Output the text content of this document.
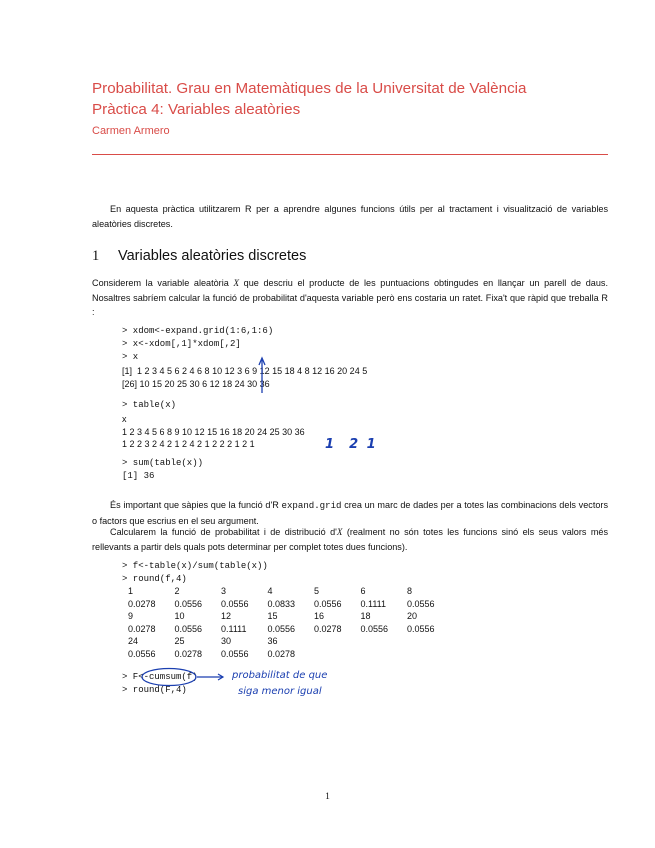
Probabilitat. Grau en Matemàtiques de la Universitat de València
Pràctica 4: Variables aleatòries
Carmen Armero
En aquesta pràctica utilitzarem R per a aprendre algunes funcions útils per al tractament i visualització de variables aleatòries discretes.
1 Variables aleatòries discretes
Considerem la variable aleatòria X que descriu el producte de les puntuacions obtingudes en llançar un parell de daus. Nosaltres sabríem calcular la funció de probabilitat d'aquesta variable però ens costaria un ratet. Fixa't que ràpid que treballa R :
> xdom<-expand.grid(1:6,1:6)
> x<-xdom[,1]*xdom[,2]
> x
[1]  1 2 3 4 5 6 2 4 6 8 10 12 3 6 9 12 15 18 4 8 12 16 20 24 5
[26] 10 15 20 25 30 6 12 18 24 30 36
> table(x)
x
1 2 3 4 5 6 8 9 10 12 15 16 18 20 24 25 30 36
1 2 2 3 2 4 2 1 2 4 2 1 2 2 2 1 2 1
> sum(table(x))
[1] 36
És important que sàpies que la funció d'R expand.grid crea un marc de dades per a totes las combinacions dels vectors o factors que escrius en el seu argument.
Calcularem la funció de probabilitat i de distribució d'X (realment no són totes les funcions sinó els seus valors més rellevants a partir dels quals pots determinar per complet totes dues funcions).
> f<-table(x)/sum(table(x))
> round(f,4)
1	2	3	4	5	6	8
0.0278	0.0556	0.0556	0.0833	0.0556	0.1111	0.0556
9	10	12	15	16	18	20
0.0278	0.0556	0.1111	0.0556	0.0278	0.0556	0.0556
24	25	30	36			
0.0556	0.0278	0.0556	0.0278			
> F<-cumsum(f)
> round(F,4)
1  2 1
probabilitat de que
siga menor igual
1
